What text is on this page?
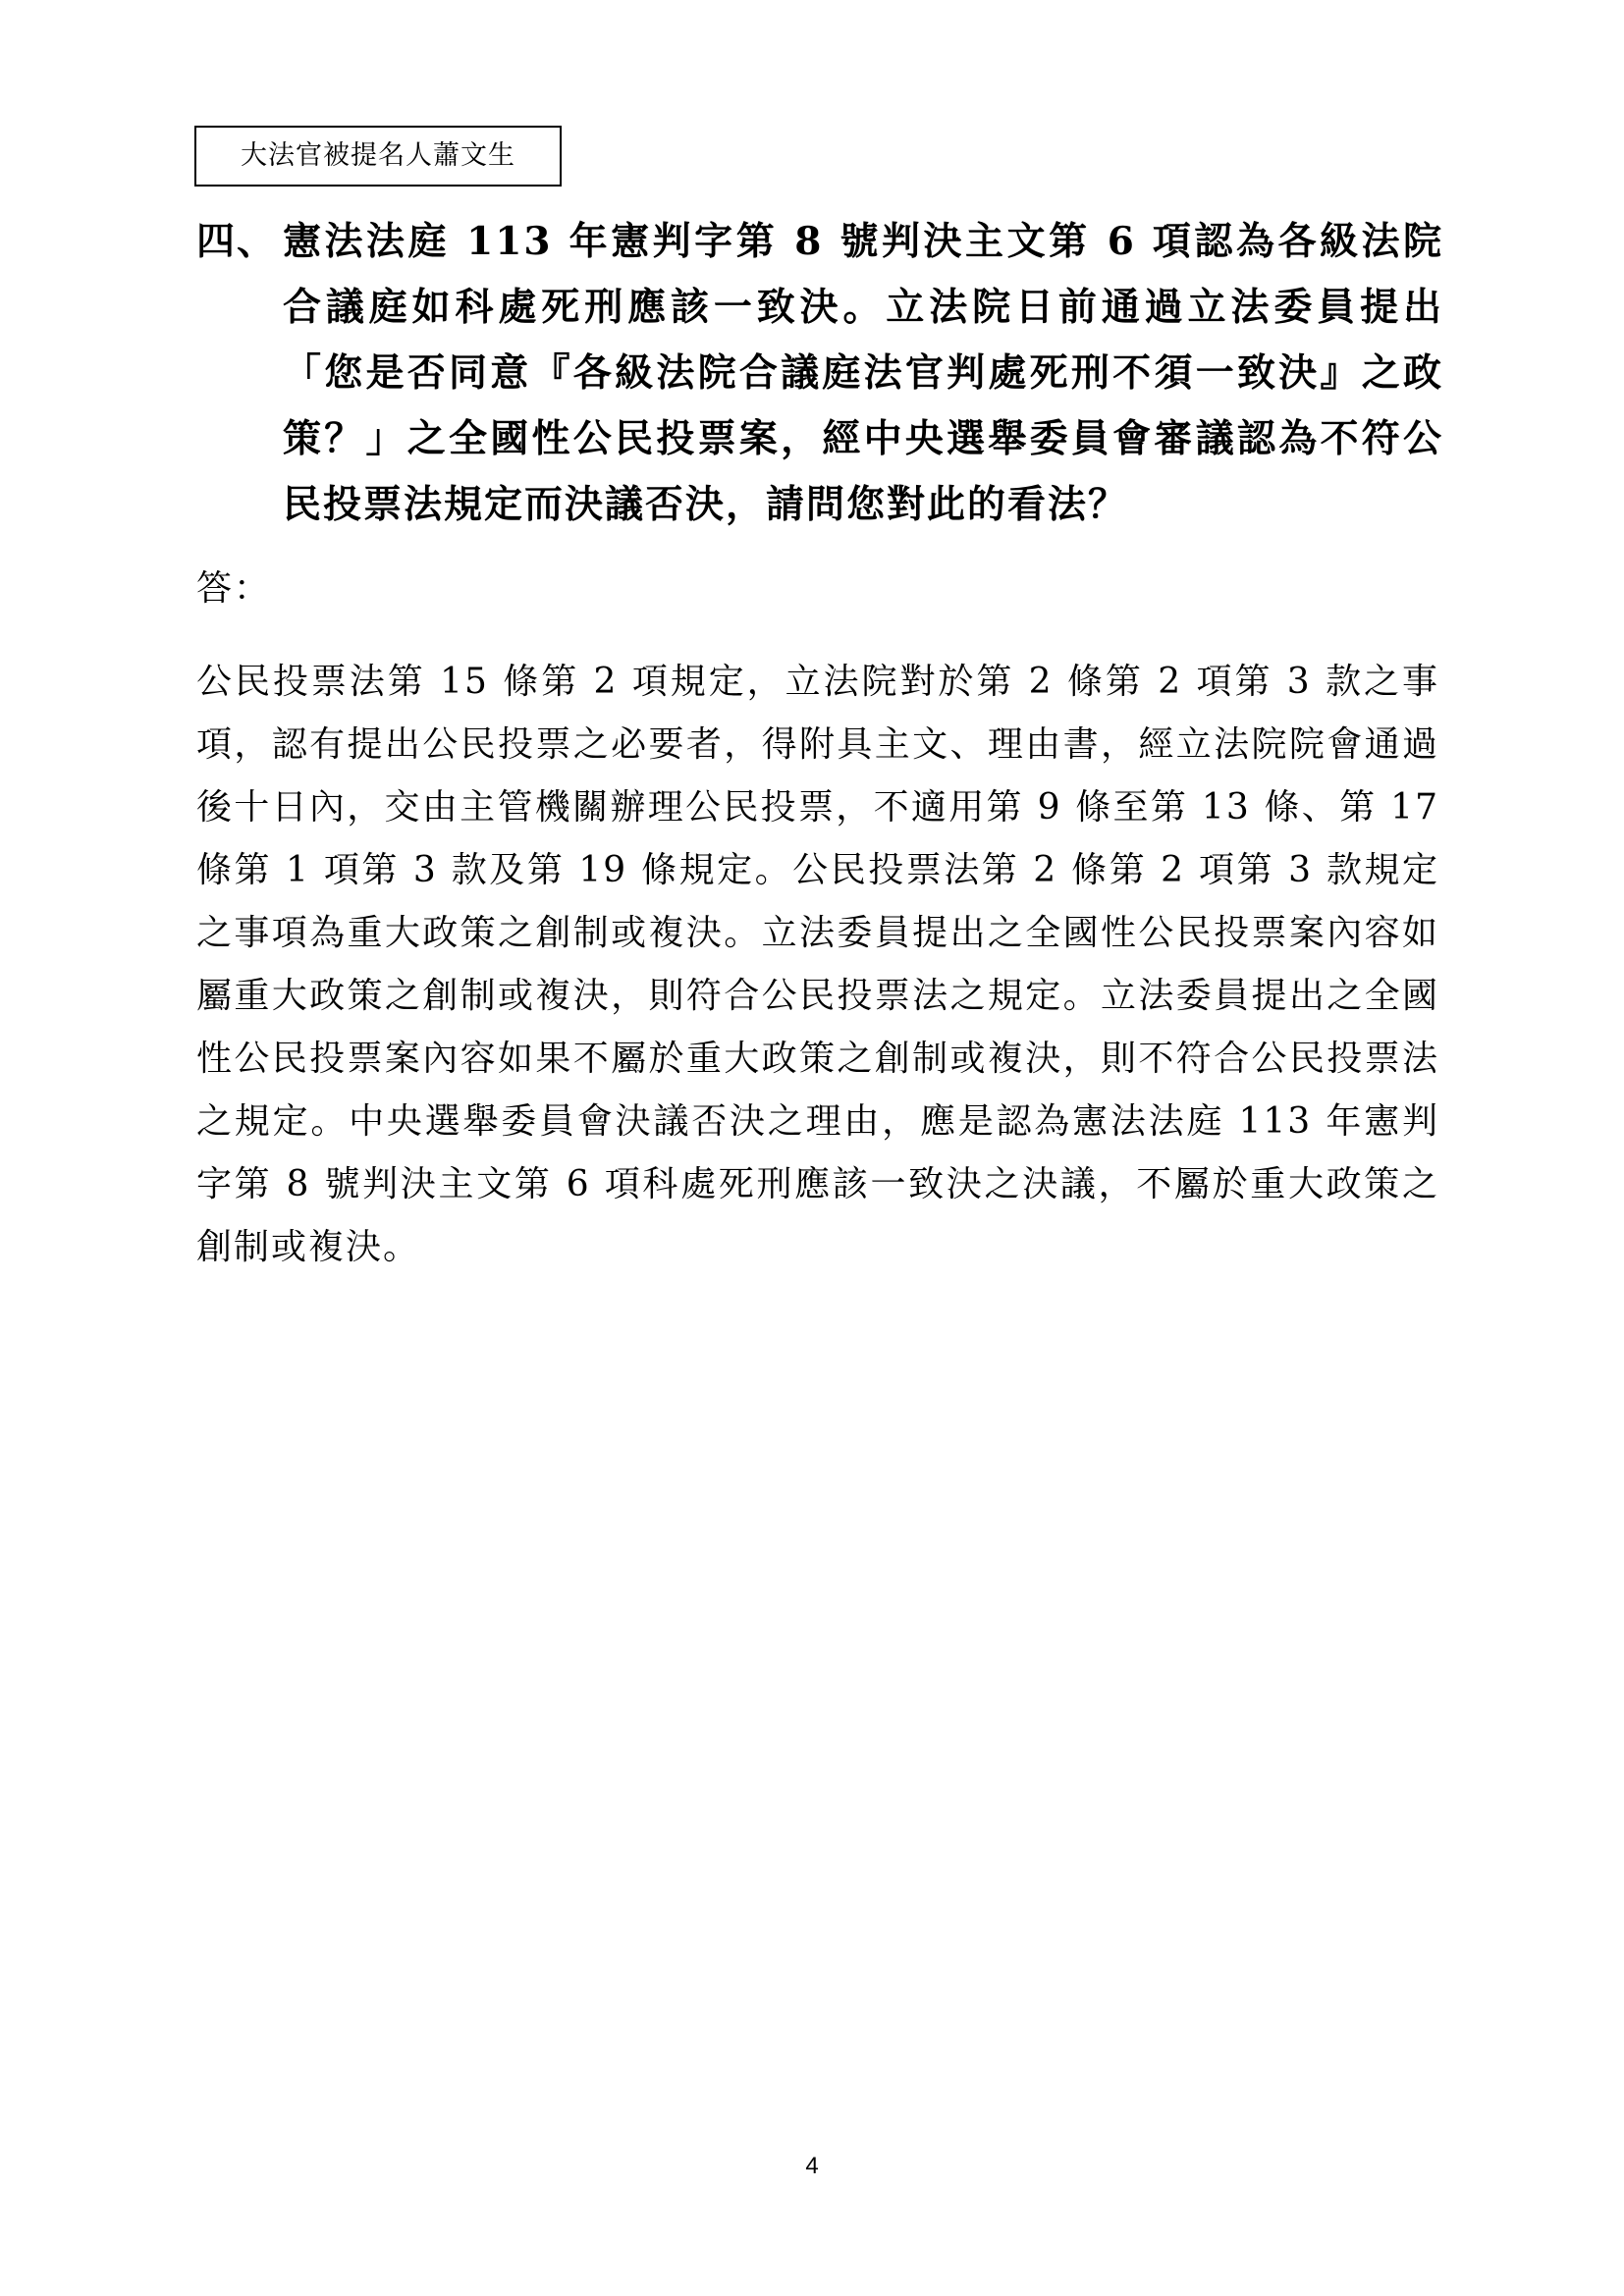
大法官被提名人蕭文生
四、 憲法法庭 113 年憲判字第 8 號判決主文第 6 項認為各級法院合議庭如科處死刑應該一致決。立法院日前通過立法委員提出「您是否同意『各級法院合議庭法官判處死刑不須一致決』之政策？」之全國性公民投票案，經中央選舉委員會審議認為不符公民投票法規定而決議否決，請問您對此的看法？
答：
公民投票法第 15 條第 2 項規定，立法院對於第 2 條第 2 項第 3 款之事項，認有提出公民投票之必要者，得附具主文、理由書，經立法院院會通過後十日內，交由主管機關辦理公民投票，不適用第 9 條至第 13 條、第 17 條第 1 項第 3 款及第 19 條規定。公民投票法第 2 條第 2 項第 3 款規定之事項為重大政策之創制或複決。立法委員提出之全國性公民投票案內容如屬重大政策之創制或複決，則符合公民投票法之規定。立法委員提出之全國性公民投票案內容如果不屬於重大政策之創制或複決，則不符合公民投票法之規定。中央選舉委員會決議否決之理由，應是認為憲法法庭 113 年憲判字第 8 號判決主文第 6 項科處死刑應該一致決之決議，不屬於重大政策之創制或複決。
4
